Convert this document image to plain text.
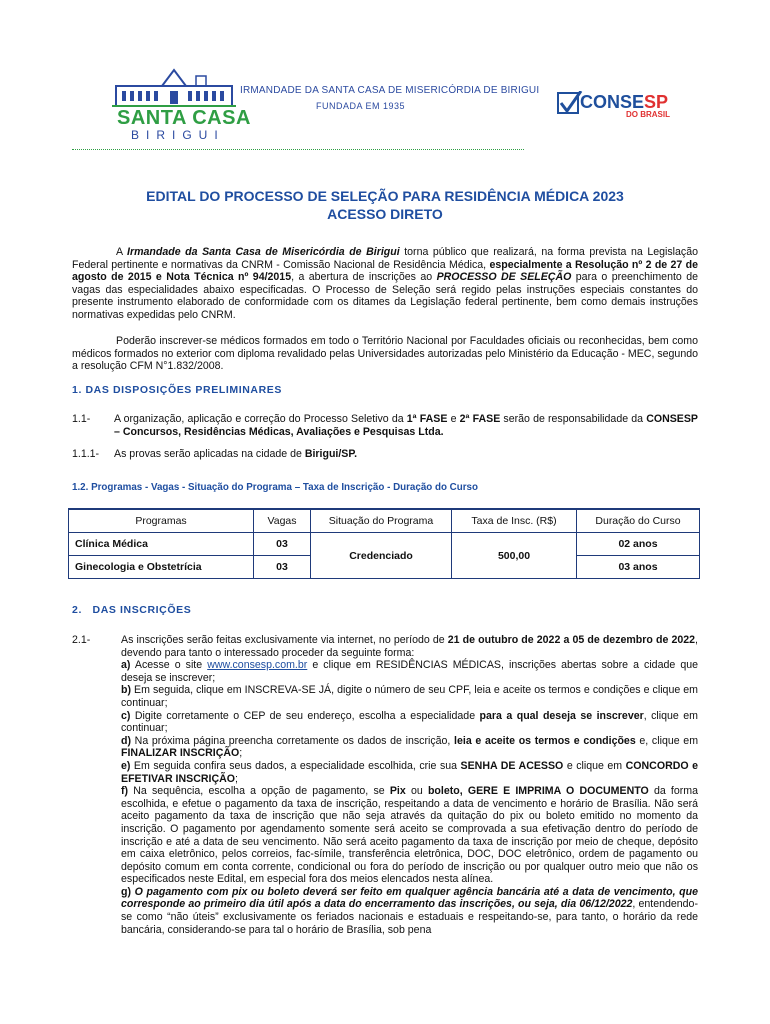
SANTA CASA
BIRIGUI
IRMANDADE DA SANTA CASA DE MISERICÓRDIA DE BIRIGUI
FUNDADA EM 1935	CONSESP
DO BRASIL
EDITAL DO PROCESSO DE SELEÇÃO PARA RESIDÊNCIA MÉDICA 2023
ACESSO DIRETO
A Irmandade da Santa Casa de Misericórdia de Birigui torna público que realizará, na forma prevista na Legislação Federal pertinente e normativas da CNRM - Comissão Nacional de Residência Médica, especialmente a Resolução nº 2 de 27 de agosto de 2015 e Nota Técnica nº 94/2015, a abertura de inscrições ao PROCESSO DE SELEÇÃO para o preenchimento de vagas das especialidades abaixo especificadas. O Processo de Seleção será regido pelas instruções especiais constantes do presente instrumento elaborado de conformidade com os ditames da Legislação federal pertinente, bem como demais instruções normativas expedidas pelo CNRM.
Poderão inscrever-se médicos formados em todo o Território Nacional por Faculdades oficiais ou reconhecidas, bem como médicos formados no exterior com diploma revalidado pelas Universidades autorizadas pelo Ministério da Educação - MEC, segundo a resolução CFM N°1.832/2008.
1. DAS DISPOSIÇÕES PRELIMINARES
1.1- A organização, aplicação e correção do Processo Seletivo da 1ª FASE e 2ª FASE serão de responsabilidade da CONSESP – Concursos, Residências Médicas, Avaliações e Pesquisas Ltda.
1.1.1- As provas serão aplicadas na cidade de Birigui/SP.
1.2. Programas - Vagas - Situação do Programa – Taxa de Inscrição - Duração do Curso
Programas	Vagas	Situação do Programa	Taxa de Insc. (R$)	Duração do Curso
Clínica Médica	03	Credenciado	500,00	02 anos
Ginecologia e Obstetrícia	03			03 anos
2.   DAS INSCRIÇÕES
2.1-	As inscrições serão feitas exclusivamente via internet, no período de 21 de outubro de 2022 a 05 de dezembro de 2022, devendo para tanto o interessado proceder da seguinte forma:
a) Acesse o site www.consesp.com.br e clique em RESIDÊNCIAS MÉDICAS, inscrições abertas sobre a cidade que deseja se inscrever;
b) Em seguida, clique em INSCREVA-SE JÁ, digite o número de seu CPF, leia e aceite os termos e condições e clique em continuar;
c) Digite corretamente o CEP de seu endereço, escolha a especialidade para a qual deseja se inscrever, clique em continuar;
d) Na próxima página preencha corretamente os dados de inscrição, leia e aceite os termos e condições e, clique em FINALIZAR INSCRIÇÃO;
e) Em seguida confira seus dados, a especialidade escolhida, crie sua SENHA DE ACESSO e clique em CONCORDO e EFETIVAR INSCRIÇÃO;
f) Na sequência, escolha a opção de pagamento, se Pix ou boleto, GERE E IMPRIMA O DOCUMENTO da forma escolhida, e efetue o pagamento da taxa de inscrição, respeitando a data de vencimento e horário de Brasília. Não será aceito pagamento da taxa de inscrição que não seja através da quitação do pix ou boleto emitido no momento da inscrição. O pagamento por agendamento somente será aceito se comprovada a sua efetivação dentro do período de inscrição e até a data de seu vencimento. Não será aceito pagamento da taxa de inscrição por meio de cheque, depósito em caixa eletrônico, pelos correios, fac-símile, transferência eletrônica, DOC, DOC eletrônico, ordem de pagamento ou depósito comum em conta corrente, condicional ou fora do período de inscrição ou por qualquer outro meio que não os especificados neste Edital, em especial fora dos meios elencados nesta alínea.
g) O pagamento com pix ou boleto deverá ser feito em qualquer agência bancária até a data de vencimento, que corresponde ao primeiro dia útil após a data do encerramento das inscrições, ou seja, dia 06/12/2022, entendendo-se como “não úteis” exclusivamente os feriados nacionais e estaduais e respeitando-se, para tanto, o horário da rede bancária, considerando-se para tal o horário de Brasília, sob pena
